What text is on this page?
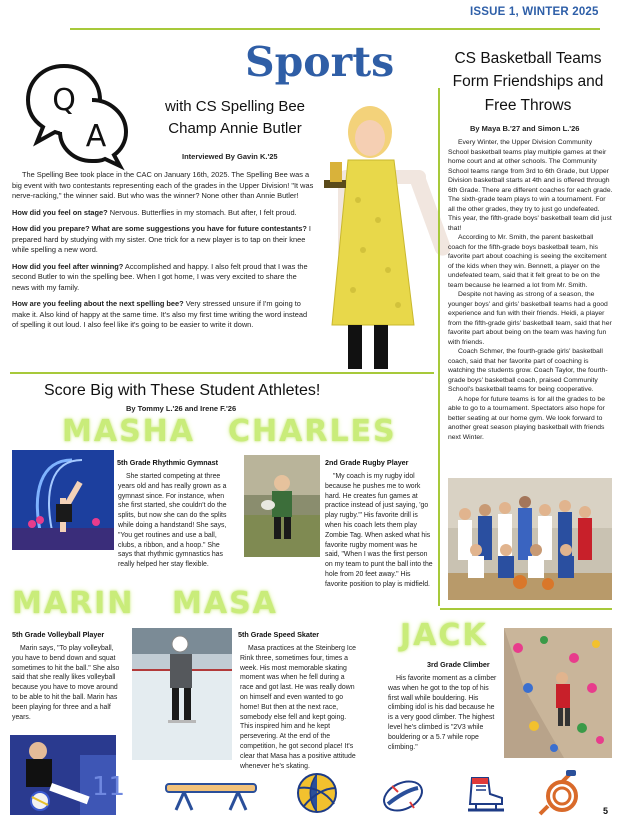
ISSUE 1, WINTER 2025
Sports
Q
A
with CS Spelling Bee
Champ Annie Butler
Interviewed By Gavin K.'25

The Spelling Bee took place in the CAC on January 16th, 2025. The Spelling Bee was a big event with two contestants representing each of the grades in the Upper Division! "It was nerve-racking," the winner said. But who was the winner? None other than Annie Butler!

How did you feel on stage? Nervous. Butterflies in my stomach. But after, I felt proud.

How did you prepare? What are some suggestions you have for future contestants? I prepared hard by studying with my sister. One trick for a new player is to tap on their knee while spelling a new word.

How did you feel after winning? Accomplished and happy. I also felt proud that I was the second Butler to win the spelling bee. When I got home, I was very excited to share the news with my family.

How are you feeling about the next spelling bee? Very stressed unsure if I'm going to make it. Also kind of happy at the same time. It's also my first time writing the word instead of spelling it out loud. I also feel like it's going to be easier to write it down.

CS Basketball Teams
Form Friendships and
Free Throws
By Maya B.'27 and Simon L.'26

Every Winter, the Upper Division Community School basketball teams play multiple games at their home court and at other schools. The Community School teams range from 3rd to 6th Grade, but Upper Division basketball starts at 4th and is offered through 6th Grade. There are different coaches for each grade. The sixth-grade team plays to win a tournament. For all the other grades, they try to just go undefeated. This year, the fifth-grade boys' basketball team did just that!

According to Mr. Smith, the parent basketball coach for the fifth-grade boys basketball team, his favorite part about coaching is seeing the excitement of the kids when they win. Bennett, a player on the undefeated team, said that it felt great to be on the team because he learned a lot from Mr. Smith.

Despite not having as strong of a season, the younger boys' and girls' basketball teams had a good experience and fun with their friends. Heidi, a player from the fifth-grade girls' basketball team, said that her favorite part about being on the team was having fun with friends.

Coach Schmer, the fourth-grade girls' basketball coach, said that her favorite part of coaching is watching the students grow. Coach Taylor, the fourth-grade boys' basketball coach, praised Community School's basketball teams for being cooperative.

A hope for future teams is for all the grades to be able to go to a tournament. Spectators also hope for better seating at our home gym. We look forward to another great season playing basketball with friends next Winter.

Score Big with These Student Athletes!
By Tommy L.'26 and Irene F.'26
MASHA
5th Grade Rhythmic Gymnast
She started competing at three years old and has really grown as a gymnast since. For instance, when she first started, she couldn't do the splits, but now she can do the splits while doing a handstand! She says, "You get routines and use a ball, clubs, a ribbon, and a hoop." She says that rhythmic gymnastics has really helped her stay flexible.
CHARLES
2nd Grade Rugby Player
"My coach is my rugby idol because he pushes me to work hard. He creates fun games at practice instead of just saying, 'go play rugby.'" His favorite drill is when his coach lets them play Zombie Tag. When asked what his favorite rugby moment was he said, "When I was the first person on my team to punt the ball into the hole from 20 feet away." His favorite position to play is midfield.
MARIN
5th Grade Volleyball Player
Marin says, "To play volleyball, you have to bend down and squat sometimes to hit the ball." She also said that she really likes volleyball because you have to move around to be able to hit the ball. Marin has been playing for three and a half years.
11
MASA
5th Grade Speed Skater
Masa practices at the Steinberg Ice Rink three, sometimes four, times a week. His most memorable skating moment was when he fell during a race and got last. He was really down on himself and even wanted to go home! But then at the next race, somebody else fell and kept going. This inspired him and he kept persevering. At the end of the competition, he got second place! It's clear that Masa has a positive attitude whenever he's skating.
JACK
3rd Grade Climber
His favorite moment as a climber was when he got to the top of his first wall while bouldering. His climbing idol is his dad because he is a very good climber. The highest level he's climbed is "2V3 while bouldering or a 5.7 while rope climbing."
5
